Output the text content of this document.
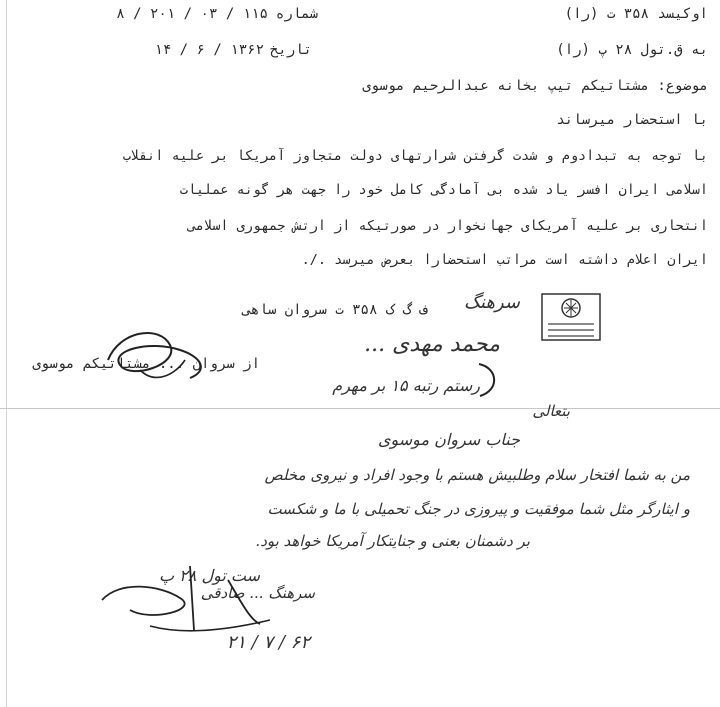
اوکیسد ۳۵۸ ت (را)
شماره
۱۱۵ / ۰۳ / ۲۰۱ / ۸
به ق.تول ۲۸ پ (را)
تاریخ
۱۳۶۲ / ۶ / ۱۴
موضوع: مشتاتیکم تیپ بخانه عبدالرحیم موسوی
با استحضار میرساند
با توجه به تبدادوم و شدت گرفتن شرارتهای دولت متجاوز آمریکا بر علیه انقلاب
اسلامی ایران افسر یاد شده بی آمادگی کامل خود را جهت هر گونه عملیات
انتحاری بر علیه آمریکای جهانخوار در صورتیکه از ارتش جمهوری اسلامی
ایران اعلام داشته است مراتب استحضارا بعرض میرسد ./.
سرهنگ
محمد مهدی ...
ف گ ک ۳۵۸ ت سروان ساهی
از سروان ... مشتاتیکم موسوی
رستم رتبه ۱۵ بر مهرم
بتعالی
جناب سروان موسوی
من به شما افتخار سلام وطلبیش هستم با وجود افراد و نیروی مخلص
و ایثارگر مثل شما موفقیت و پیروزی در جنگ تحمیلی با ما و شکست
بر دشمنان بعنی و جنایتکار آمریکا خواهد بود.
ست تول ۲۸ پ
سرهنگ ... صادقی
۶۲ / ۷ / ۲۱
